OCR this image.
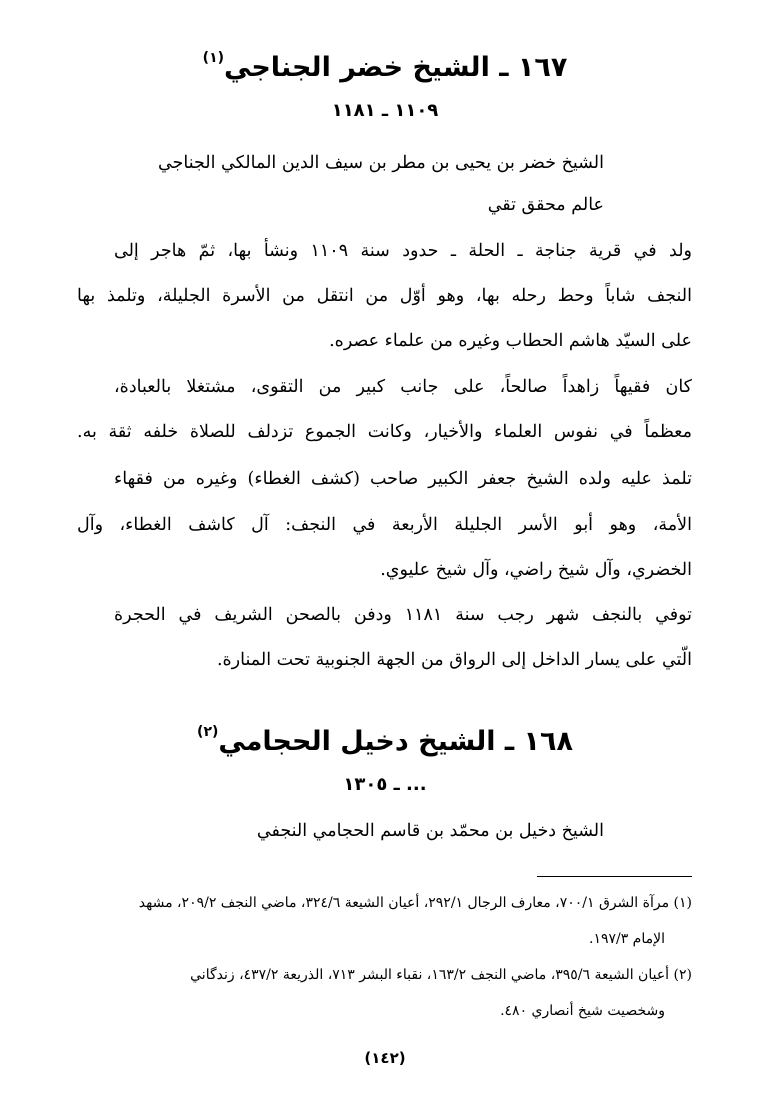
١٦٧ ـ الشيخ خضر الجناجي$^{(١)}$
١١٠٩ ـ ١١٨١
الشيخ خضر بن يحيى بن مطر بن سيف الدين المالكي الجناجي
عالم محقق تقي
ولد في قرية جناجة ـ الحلة ـ حدود سنة ١١٠٩ ونشأ بها، ثمّ هاجر إلى
النجف شاباً وحط رحله بها، وهو أوّل من انتقل من الأسرة الجليلة، وتلمذ بها
على السيّد هاشم الحطاب وغيره من علماء عصره.
كان فقيهاً زاهداً صالحاً، على جانب كبير من التقوى، مشتغلا بالعبادة،
معظماً في نفوس العلماء والأخيار، وكانت الجموع تزدلف للصلاة خلفه ثقة به.
تلمذ عليه ولده الشيخ جعفر الكبير صاحب (كشف الغطاء) وغيره من فقهاء
الأمة، وهو أبو الأسر الجليلة الأربعة في النجف: آل كاشف الغطاء، وآل
الخضري، وآل شيخ راضي، وآل شيخ عليوي.
توفي بالنجف شهر رجب سنة ١١٨١ ودفن بالصحن الشريف في الحجرة
الّتي على يسار الداخل إلى الرواق من الجهة الجنوبية تحت المنارة.
١٦٨ ـ الشيخ دخيل الحجامي$^{(٢)}$
... ـ ١٣٠٥
الشيخ دخيل بن محمّد بن قاسم الحجامي النجفي
(١) مرآة الشرق ٧٠٠/١، معارف الرجال ٢٩٢/١، أعيان الشيعة ٣٢٤/٦، ماضي النجف ٢٠٩/٢، مشهد
الإمام ١٩٧/٣.
(٢) أعيان الشيعة ٣٩٥/٦، ماضي النجف ١٦٣/٢، نقباء البشر ٧١٣، الذريعة ٤٣٧/٢، زندگاني
وشخصيت شيخ أنصاري ٤٨٠.
(١٤٢)
